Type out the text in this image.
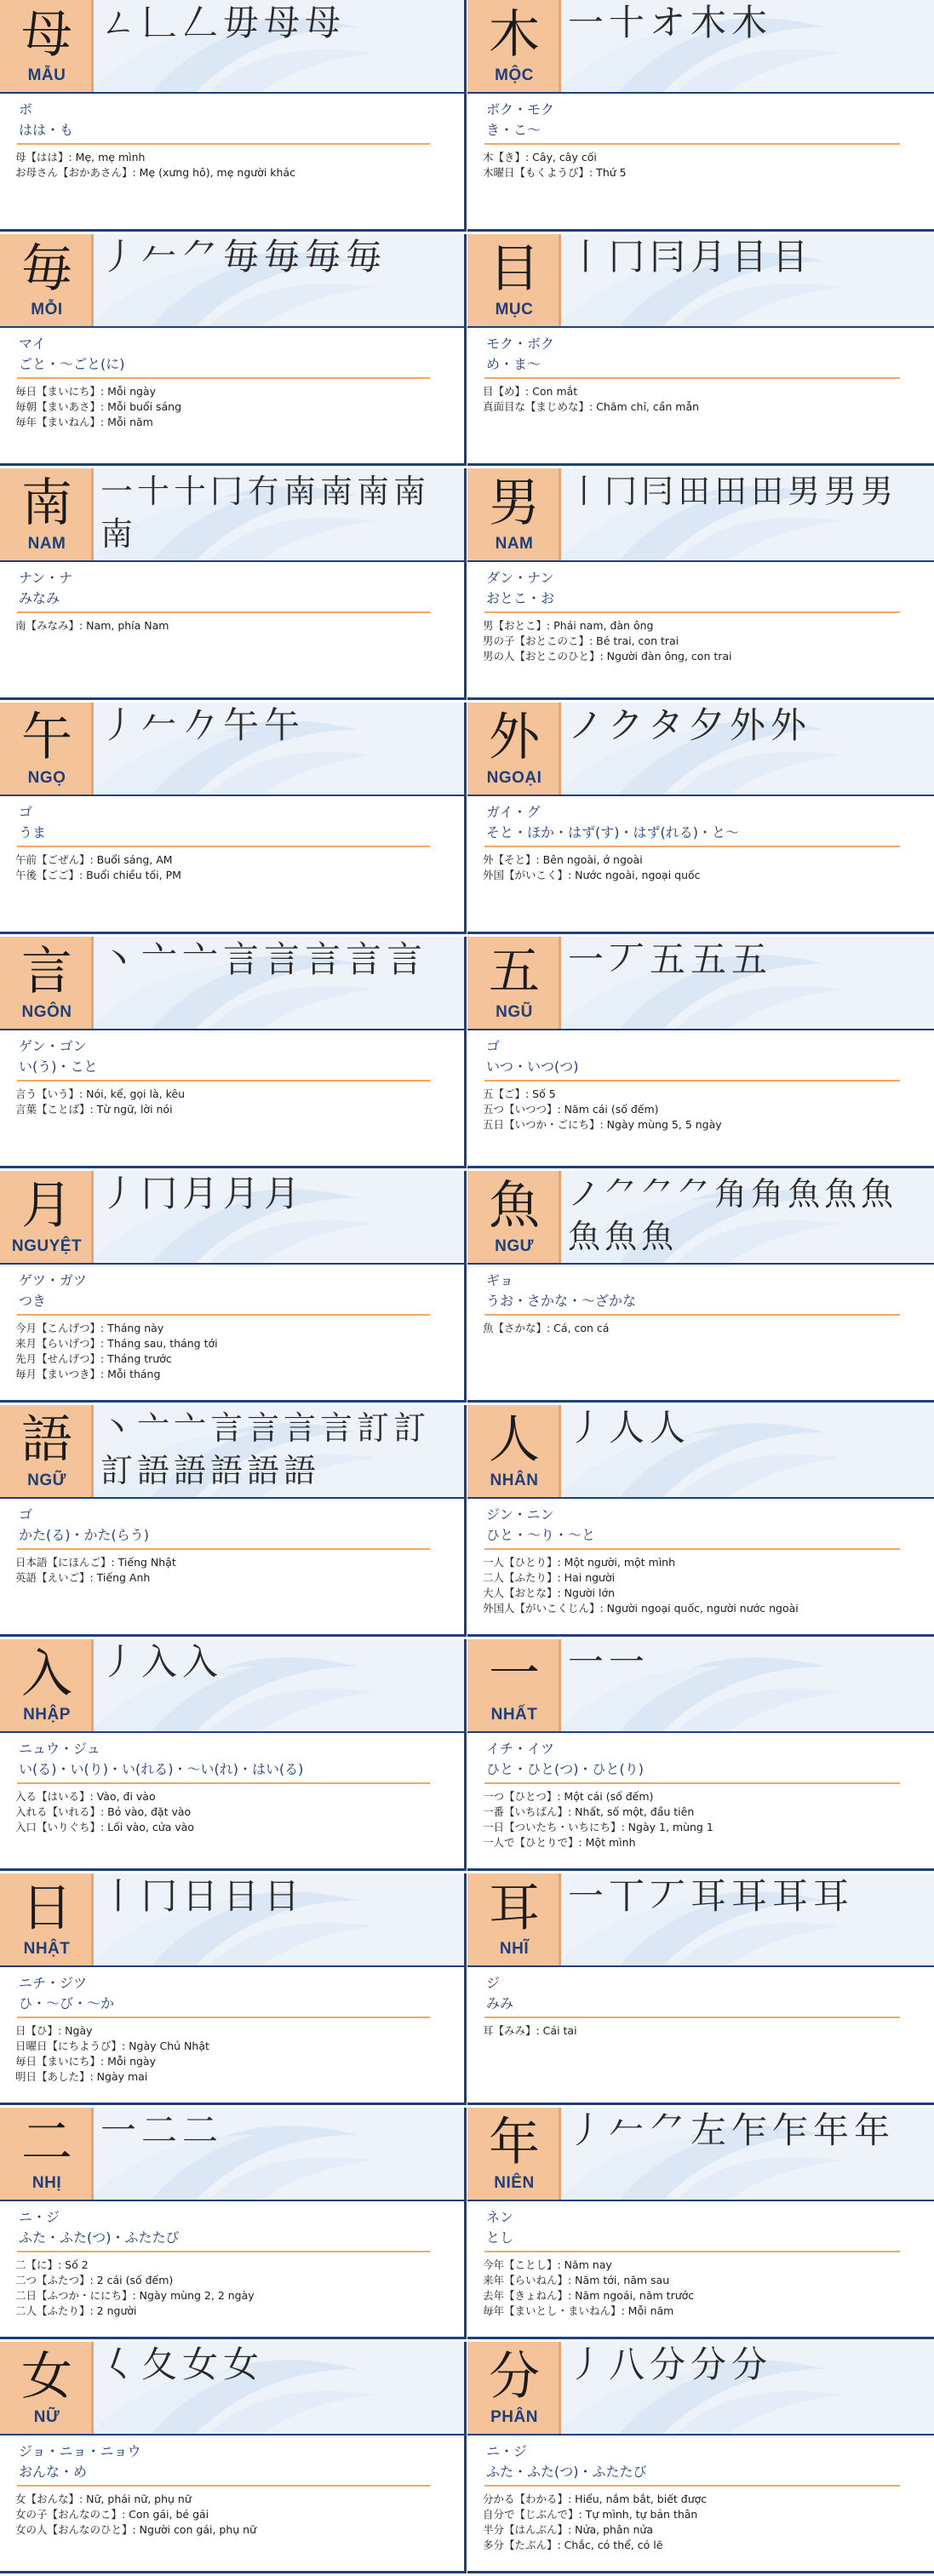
母
MẪU
ㄥ𠃊𠃋毋母母
ボ
はは・も
母【はは】: Mẹ, mẹ mình
お母さん【おかあさん】: Mẹ (xưng hô), mẹ người khác
木
MỘC
一十オ木木
ボク・モク
き・こ～
木【き】: Cây, cây cối
木曜日【もくようび】: Thứ 5
毎
MỖI
丿𠂉⺈毎毎毎毎
マイ
ごと・～ごと(に)
毎日【まいにち】: Mỗi ngày
毎朝【まいあさ】: Mỗi buổi sáng
毎年【まいねん】: Mỗi năm
目
MỤC
丨冂冃月目目
モク・ボク
め・ま～
目【め】: Con mắt
真面目な【まじめな】: Chăm chỉ, cần mẫn
南
NAM
一十⼗冂冇南南南南南
ナン・ナ
みなみ
南【みなみ】: Nam, phía Nam
男
NAM
丨冂冃田田田男男男
ダン・ナン
おとこ・お
男【おとこ】: Phái nam, đàn ông
男の子【おとこのこ】: Bé trai, con trai
男の人【おとこのひと】: Người đàn ông, con trai
午
NGỌ
丿𠂉𠂊午午
ゴ
うま
午前【ごぜん】: Buổi sáng, AM
午後【ごご】: Buổi chiều tối, PM
外
NGOẠI
ノクタ夕外外
ガイ・グ
そと・ほか・はず(す)・はず(れる)・と～
外【そと】: Bên ngoài, ở ngoài
外国【がいこく】: Nước ngoài, ngoại quốc
言
NGÔN
丶亠亠言言言言言
ゲン・ゴン
い(う)・こと
言う【いう】: Nói, kể, gọi là, kêu
言葉【ことば】: Từ ngữ, lời nói
五
NGŨ
一丆五五五
ゴ
いつ・いつ(つ)
五【ご】: Số 5
五つ【いつつ】: Năm cái (số đếm)
五日【いつか・ごにち】: Ngày mùng 5, 5 ngày
月
NGUYỆT
丿冂月月月
ゲツ・ガツ
つき
今月【こんげつ】: Tháng này
来月【らいげつ】: Tháng sau, tháng tới
先月【せんげつ】: Tháng trước
毎月【まいつき】: Mỗi tháng
魚
NGƯ
ノ⺈⺈⺈角角魚魚魚魚魚魚
ギョ
うお・さかな・～ざかな
魚【さかな】: Cá, con cá
語
NGỮ
丶亠亠言言言言訂訂訂語語語語語
ゴ
かた(る)・かた(らう)
日本語【にほんご】: Tiếng Nhật
英語【えいご】: Tiếng Anh
人
NHÂN
丿人人
ジン・ニン
ひと・～り・～と
一人【ひとり】: Một người, một mình
二人【ふたり】: Hai người
大人【おとな】: Người lớn
外国人【がいこくじん】: Người ngoại quốc, người nước ngoài
入
NHẬP
丿入入
ニュウ・ジュ
い(る)・い(り)・い(れる)・～い(れ)・はい(る)
入る【はいる】: Vào, đi vào
入れる【いれる】: Bỏ vào, đặt vào
入口【いりぐち】: Lối vào, cửa vào
一
NHẤT
一一
イチ・イツ
ひと・ひと(つ)・ひと(り)
一つ【ひとつ】: Một cái (số đếm)
一番【いちばん】: Nhất, số một, đầu tiên
一日【ついたち・いちにち】: Ngày 1, mùng 1
一人で【ひとりで】: Một mình
日
NHẬT
丨冂日日日
ニチ・ジツ
ひ・～び・～か
日【ひ】: Ngày
日曜日【にちようび】: Ngày Chủ Nhật
毎日【まいにち】: Mỗi ngày
明日【あした】: Ngày mai
耳
NHĨ
一丅丆耳耳耳耳
ジ
みみ
耳【みみ】: Cái tai
二
NHỊ
一二二
ニ・ジ
ふた・ふた(つ)・ふたたび
二【に】: Số 2
二つ【ふたつ】: 2 cái (số đếm)
二日【ふつか・ににち】: Ngày mùng 2, 2 ngày
二人【ふたり】: 2 người
年
NIÊN
丿𠂉⺈左乍乍年年
ネン
とし
今年【ことし】: Năm nay
来年【らいねん】: Năm tới, năm sau
去年【きょねん】: Năm ngoái, năm trước
毎年【まいとし・まいねん】: Mỗi năm
女
NỮ
𡿨夂女女
ジョ・ニョ・ニョウ
おんな・め
女【おんな】: Nữ, phái nữ, phụ nữ
女の子【おんなのこ】: Con gái, bé gái
女の人【おんなのひと】: Người con gái, phụ nữ
分
PHÂN
丿八分分分
ニ・ジ
ふた・ふた(つ)・ふたたび
分かる【わかる】: Hiểu, nắm bắt, biết được
自分で【じぶんで】: Tự mình, tự bản thân
半分【はんぶん】: Nửa, phân nửa
多分【たぶん】: Chắc, có thể, có lẽ
